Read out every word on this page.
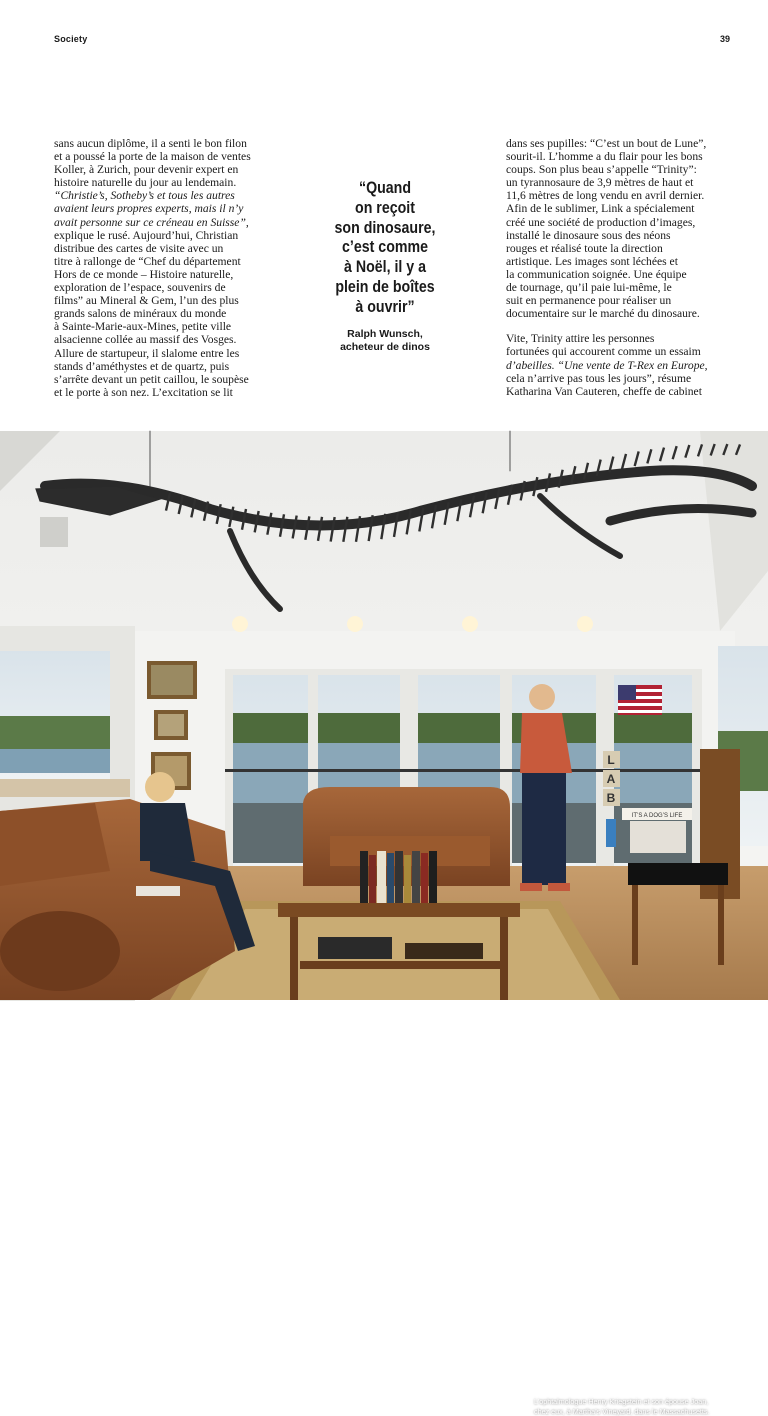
Society	39

sans aucun diplôme, il a senti le bon filon
et a poussé la porte de la maison de ventes
Koller, à Zurich, pour devenir expert en
histoire naturelle du jour au lendemain.
“Christie’s, Sotheby’s et tous les autres
avaient leurs propres experts, mais il n’y
avait personne sur ce créneau en Suisse”,
explique le rusé. Aujourd’hui, Christian
distribue des cartes de visite avec un
titre à rallonge de “Chef du département
Hors de ce monde – Histoire naturelle,
exploration de l’espace, souvenirs de
films” au Mineral & Gem, l’un des plus
grands salons de minéraux du monde
à Sainte-Marie-aux-Mines, petite ville
alsacienne collée au massif des Vosges.
Allure de startupeur, il slalome entre les
stands d’améthystes et de quartz, puis
s’arrête devant un petit caillou, le soupèse
et le porte à son nez. L’excitation se lit

“Quand
on reçoit
son dinosaure,
c’est comme
à Noël, il y a
plein de boîtes
à ouvrir”
Ralph Wunsch,
acheteur de dinos

dans ses pupilles: “C’est un bout de Lune”,
sourit-il. L’homme a du flair pour les bons
coups. Son plus beau s’appelle “Trinity”:
un tyrannosaure de 3,9 mètres de haut et
11,6 mètres de long vendu en avril dernier.
Afin de le sublimer, Link a spécialement
créé une société de production d’images,
installé le dinosaure sous des néons
rouges et réalisé toute la direction
artistique. Les images sont léchées et
la communication soignée. Une équipe
de tournage, qu’il paie lui-même, le
suit en permanence pour réaliser un
documentaire sur le marché du dinosaure.

Vite, Trinity attire les personnes
fortunées qui accourent comme un essaim
d’abeilles. “Une vente de T-Rex en Europe,
cela n’arrive pas tous les jours”, résume
Katharina Van Cauteren, cheffe de cabinet

L
A
B
IT’S A DOG’S LIFE
L’ophtalmologue Henry Kriegstein et son épouse Joan,
chez eux, à Martha’s Vineyard, dans le Massachusetts.
